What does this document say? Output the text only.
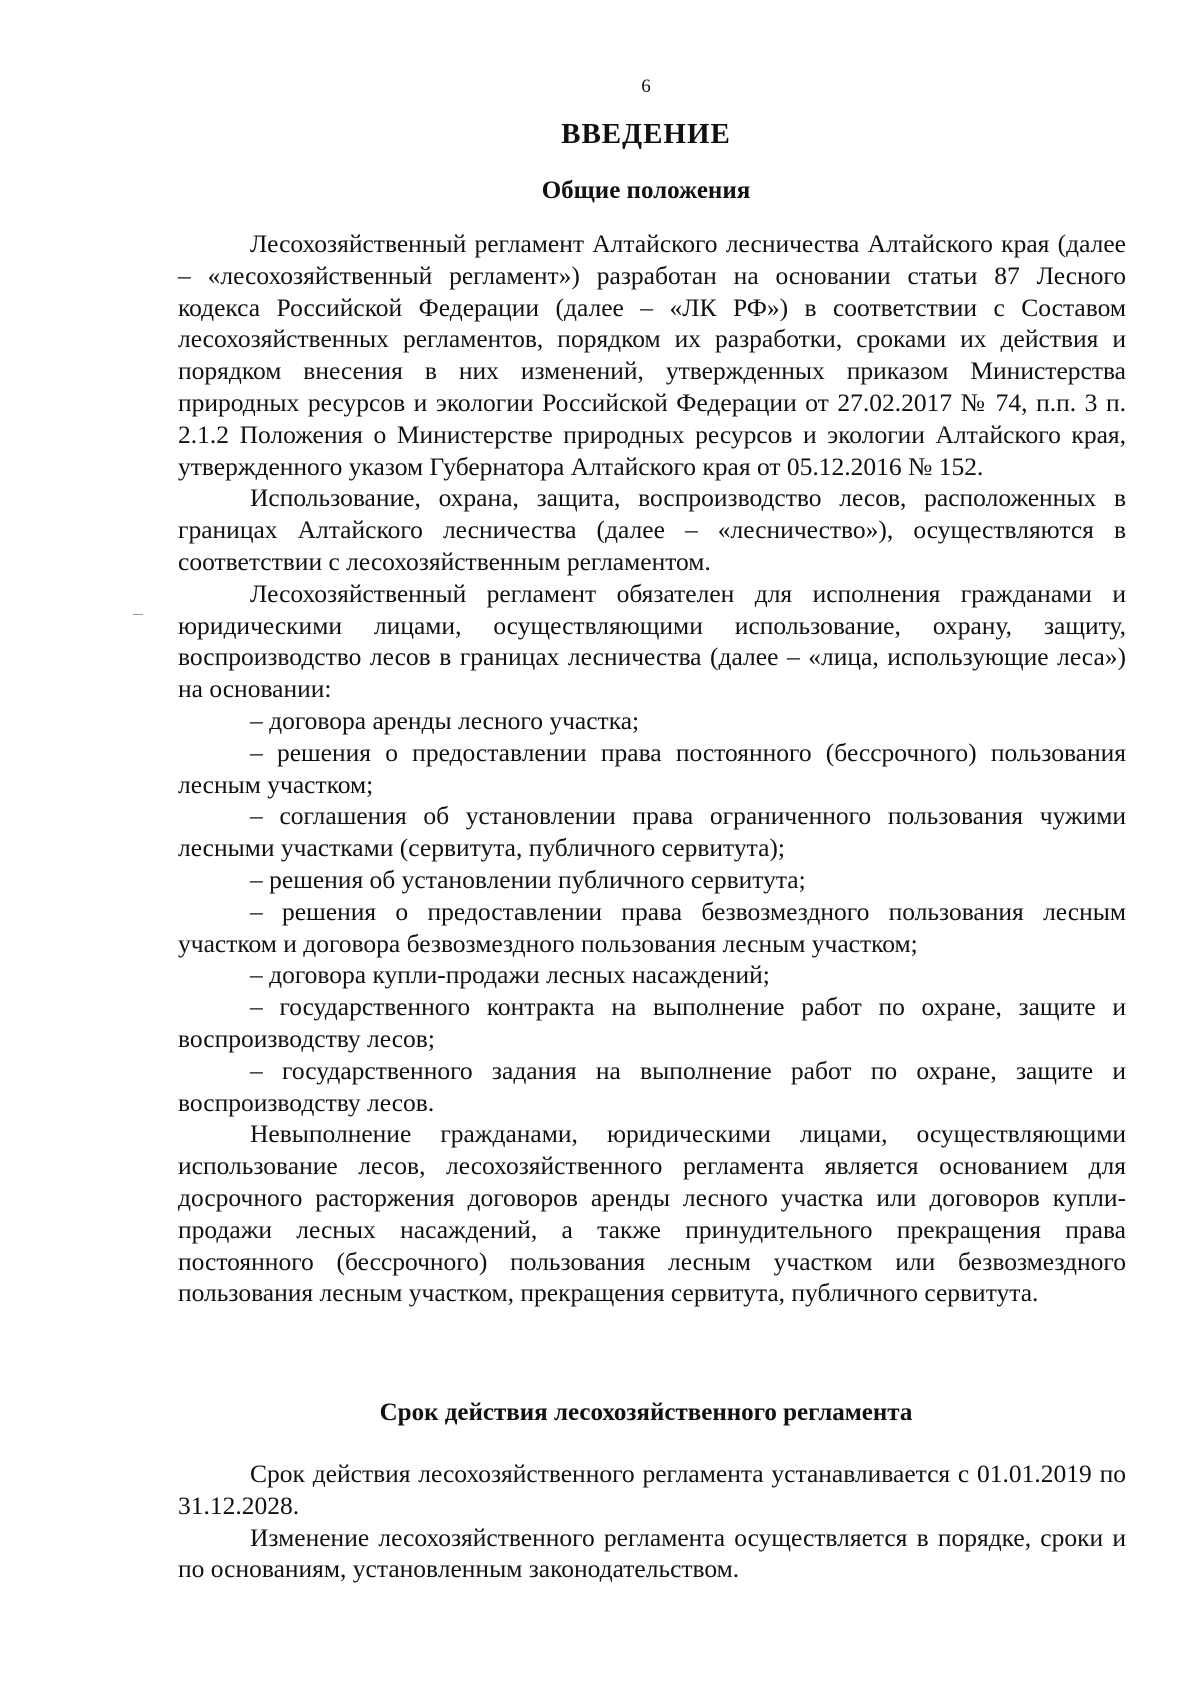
6
ВВЕДЕНИЕ
Общие положения

Лесохозяйственный регламент Алтайского лесничества Алтайского края (далее – «лесохозяйственный регламент») разработан на основании статьи 87 Лесного кодекса Российской Федерации (далее – «ЛК РФ») в соответствии с Составом лесохозяйственных регламентов, порядком их разработки, сроками их действия и порядком внесения в них изменений, утвержденных приказом Министерства природных ресурсов и экологии Российской Федерации от 27.02.2017 № 74, п.п. 3 п. 2.1.2 Положения о Министерстве природных ресурсов и экологии Алтайского края, утвержденного указом Губернатора Алтайского края от 05.12.2016 № 152.

Использование, охрана, защита, воспроизводство лесов, расположенных в границах Алтайского лесничества (далее – «лесничество»), осуществляются в соответствии с лесохозяйственным регламентом.

Лесохозяйственный регламент обязателен для исполнения гражданами и юридическими лицами, осуществляющими использование, охрану, защиту, воспроизводство лесов в границах лесничества (далее – «лица, использующие леса») на основании:

– договора аренды лесного участка;

– решения о предоставлении права постоянного (бессрочного) пользования лесным участком;

– соглашения об установлении права ограниченного пользования чужими лесными участками (сервитута, публичного сервитута);

– решения об установлении публичного сервитута;

– решения о предоставлении права безвозмездного пользования лесным участком и договора безвозмездного пользования лесным участком;

– договора купли-продажи лесных насаждений;

– государственного контракта на выполнение работ по охране, защите и воспроизводству лесов;

– государственного задания на выполнение работ по охране, защите и воспроизводству лесов.

Невыполнение гражданами, юридическими лицами, осуществляющими использование лесов, лесохозяйственного регламента является основанием для досрочного расторжения договоров аренды лесного участка или договоров купли-продажи лесных насаждений, а также принудительного прекращения права постоянного (бессрочного) пользования лесным участком или безвозмездного пользования лесным участком, прекращения сервитута, публичного сервитута.

Срок действия лесохозяйственного регламента

Срок действия лесохозяйственного регламента устанавливается с 01.01.2019 по 31.12.2028.

Изменение лесохозяйственного регламента осуществляется в порядке, сроки и по основаниям, установленным законодательством.
